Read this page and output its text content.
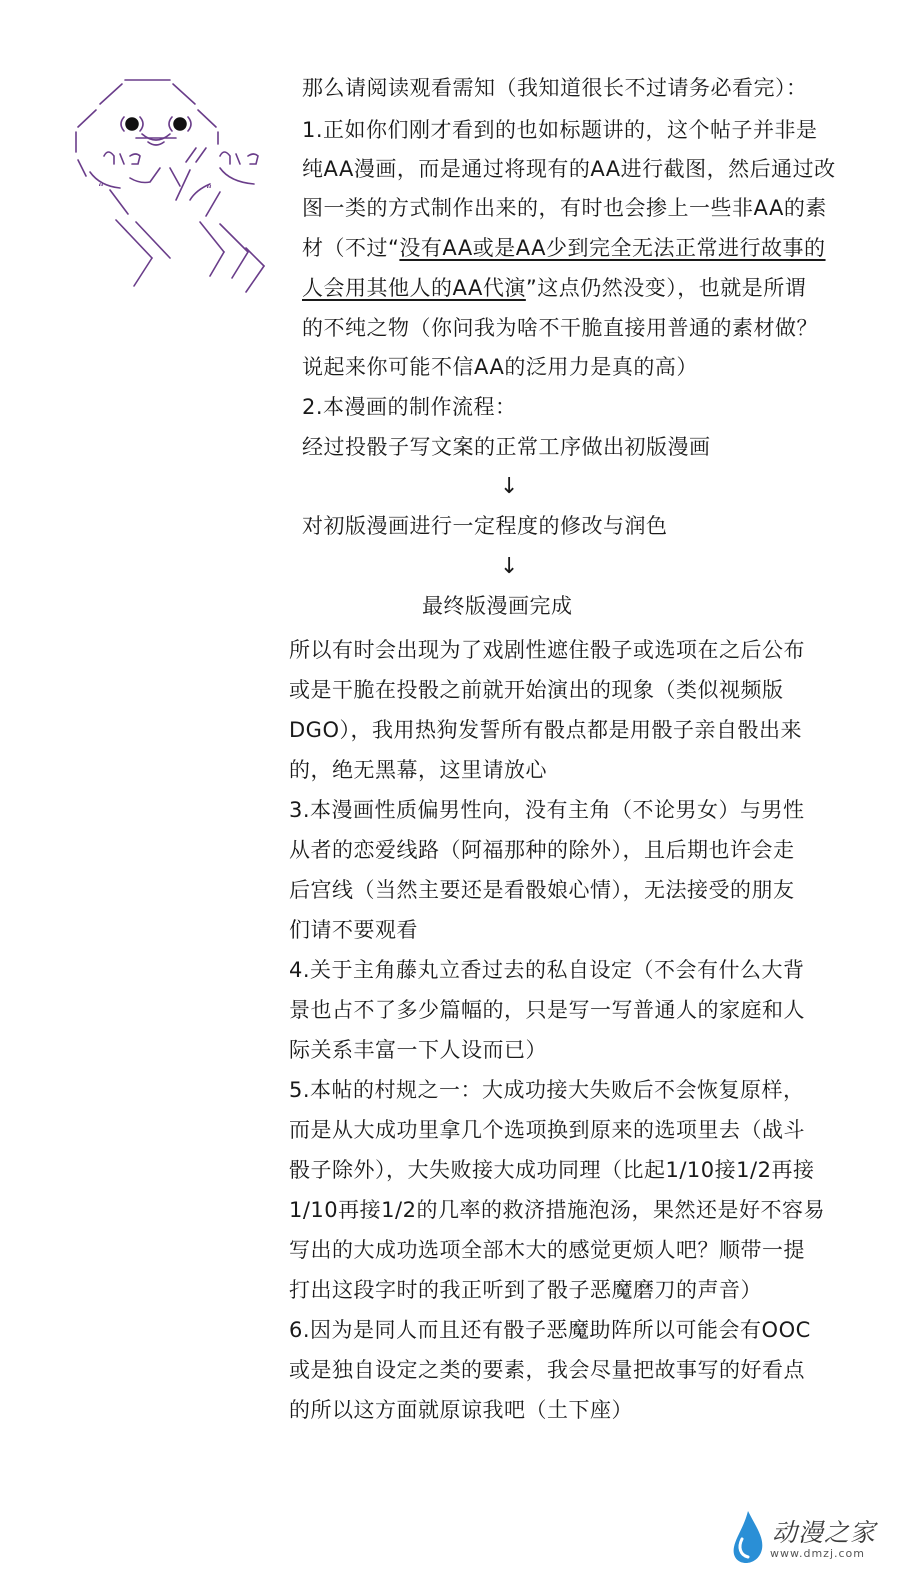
“	“
那么请阅读观看需知（我知道很长不过请务必看完）：
1.正如你们刚才看到的也如标题讲的，这个帖子并非是
纯AA漫画，而是通过将现有的AA进行截图，然后通过改
图一类的方式制作出来的，有时也会掺上一些非AA的素
材（不过“没有AA或是AA少到完全无法正常进行故事的
人会用其他人的AA代演”这点仍然没变），也就是所谓
的不纯之物（你问我为啥不干脆直接用普通的素材做？
说起来你可能不信AA的泛用力是真的高）
2.本漫画的制作流程：
经过投骰子写文案的正常工序做出初版漫画
↓
对初版漫画进行一定程度的修改与润色
↓
最终版漫画完成
所以有时会出现为了戏剧性遮住骰子或选项在之后公布
或是干脆在投骰之前就开始演出的现象（类似视频版
DGO），我用热狗发誓所有骰点都是用骰子亲自骰出来
的，绝无黑幕，这里请放心
3.本漫画性质偏男性向，没有主角（不论男女）与男性
从者的恋爱线路（阿福那种的除外），且后期也许会走
后宫线（当然主要还是看骰娘心情），无法接受的朋友
们请不要观看
4.关于主角藤丸立香过去的私自设定（不会有什么大背
景也占不了多少篇幅的，只是写一写普通人的家庭和人
际关系丰富一下人设而已）
5.本帖的村规之一：大成功接大失败后不会恢复原样，
而是从大成功里拿几个选项换到原来的选项里去（战斗
骰子除外），大失败接大成功同理（比起1/10接1/2再接
1/10再接1/2的几率的救济措施泡汤，果然还是好不容易
写出的大成功选项全部木大的感觉更烦人吧？顺带一提
打出这段字时的我正听到了骰子恶魔磨刀的声音）
6.因为是同人而且还有骰子恶魔助阵所以可能会有OOC
或是独自设定之类的要素，我会尽量把故事写的好看点
的所以这方面就原谅我吧（土下座）
动漫之家
www.dmzj.com
